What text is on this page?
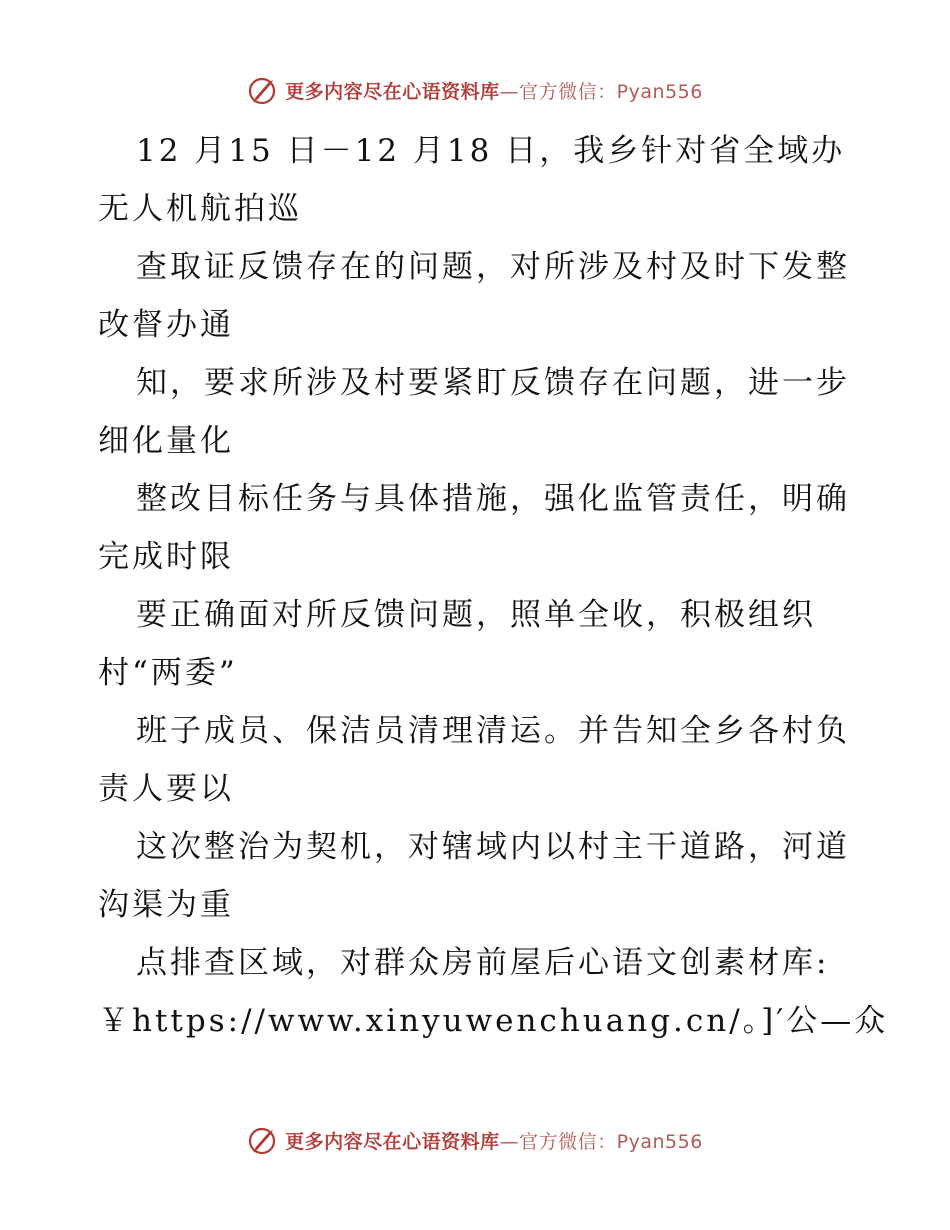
更多内容尽在心语资料库—官方微信：Pyan556
12 月15 日－12 月18 日，我乡针对省全域办
无人机航拍巡
查取证反馈存在的问题，对所涉及村及时下发整
改督办通
知，要求所涉及村要紧盯反馈存在问题，进一步
细化量化
整改目标任务与具体措施，强化监管责任，明确
完成时限
要正确面对所反馈问题，照单全收，积极组织
村“两委”
班子成员、保洁员清理清运。并告知全乡各村负
责人要以
这次整治为契机，对辖域内以村主干道路，河道
沟渠为重
点排查区域，对群众房前屋后心语文创素材库:
￥https://www.xinyuwenchuang.cn/。]′公—众
更多内容尽在心语资料库—官方微信：Pyan556
